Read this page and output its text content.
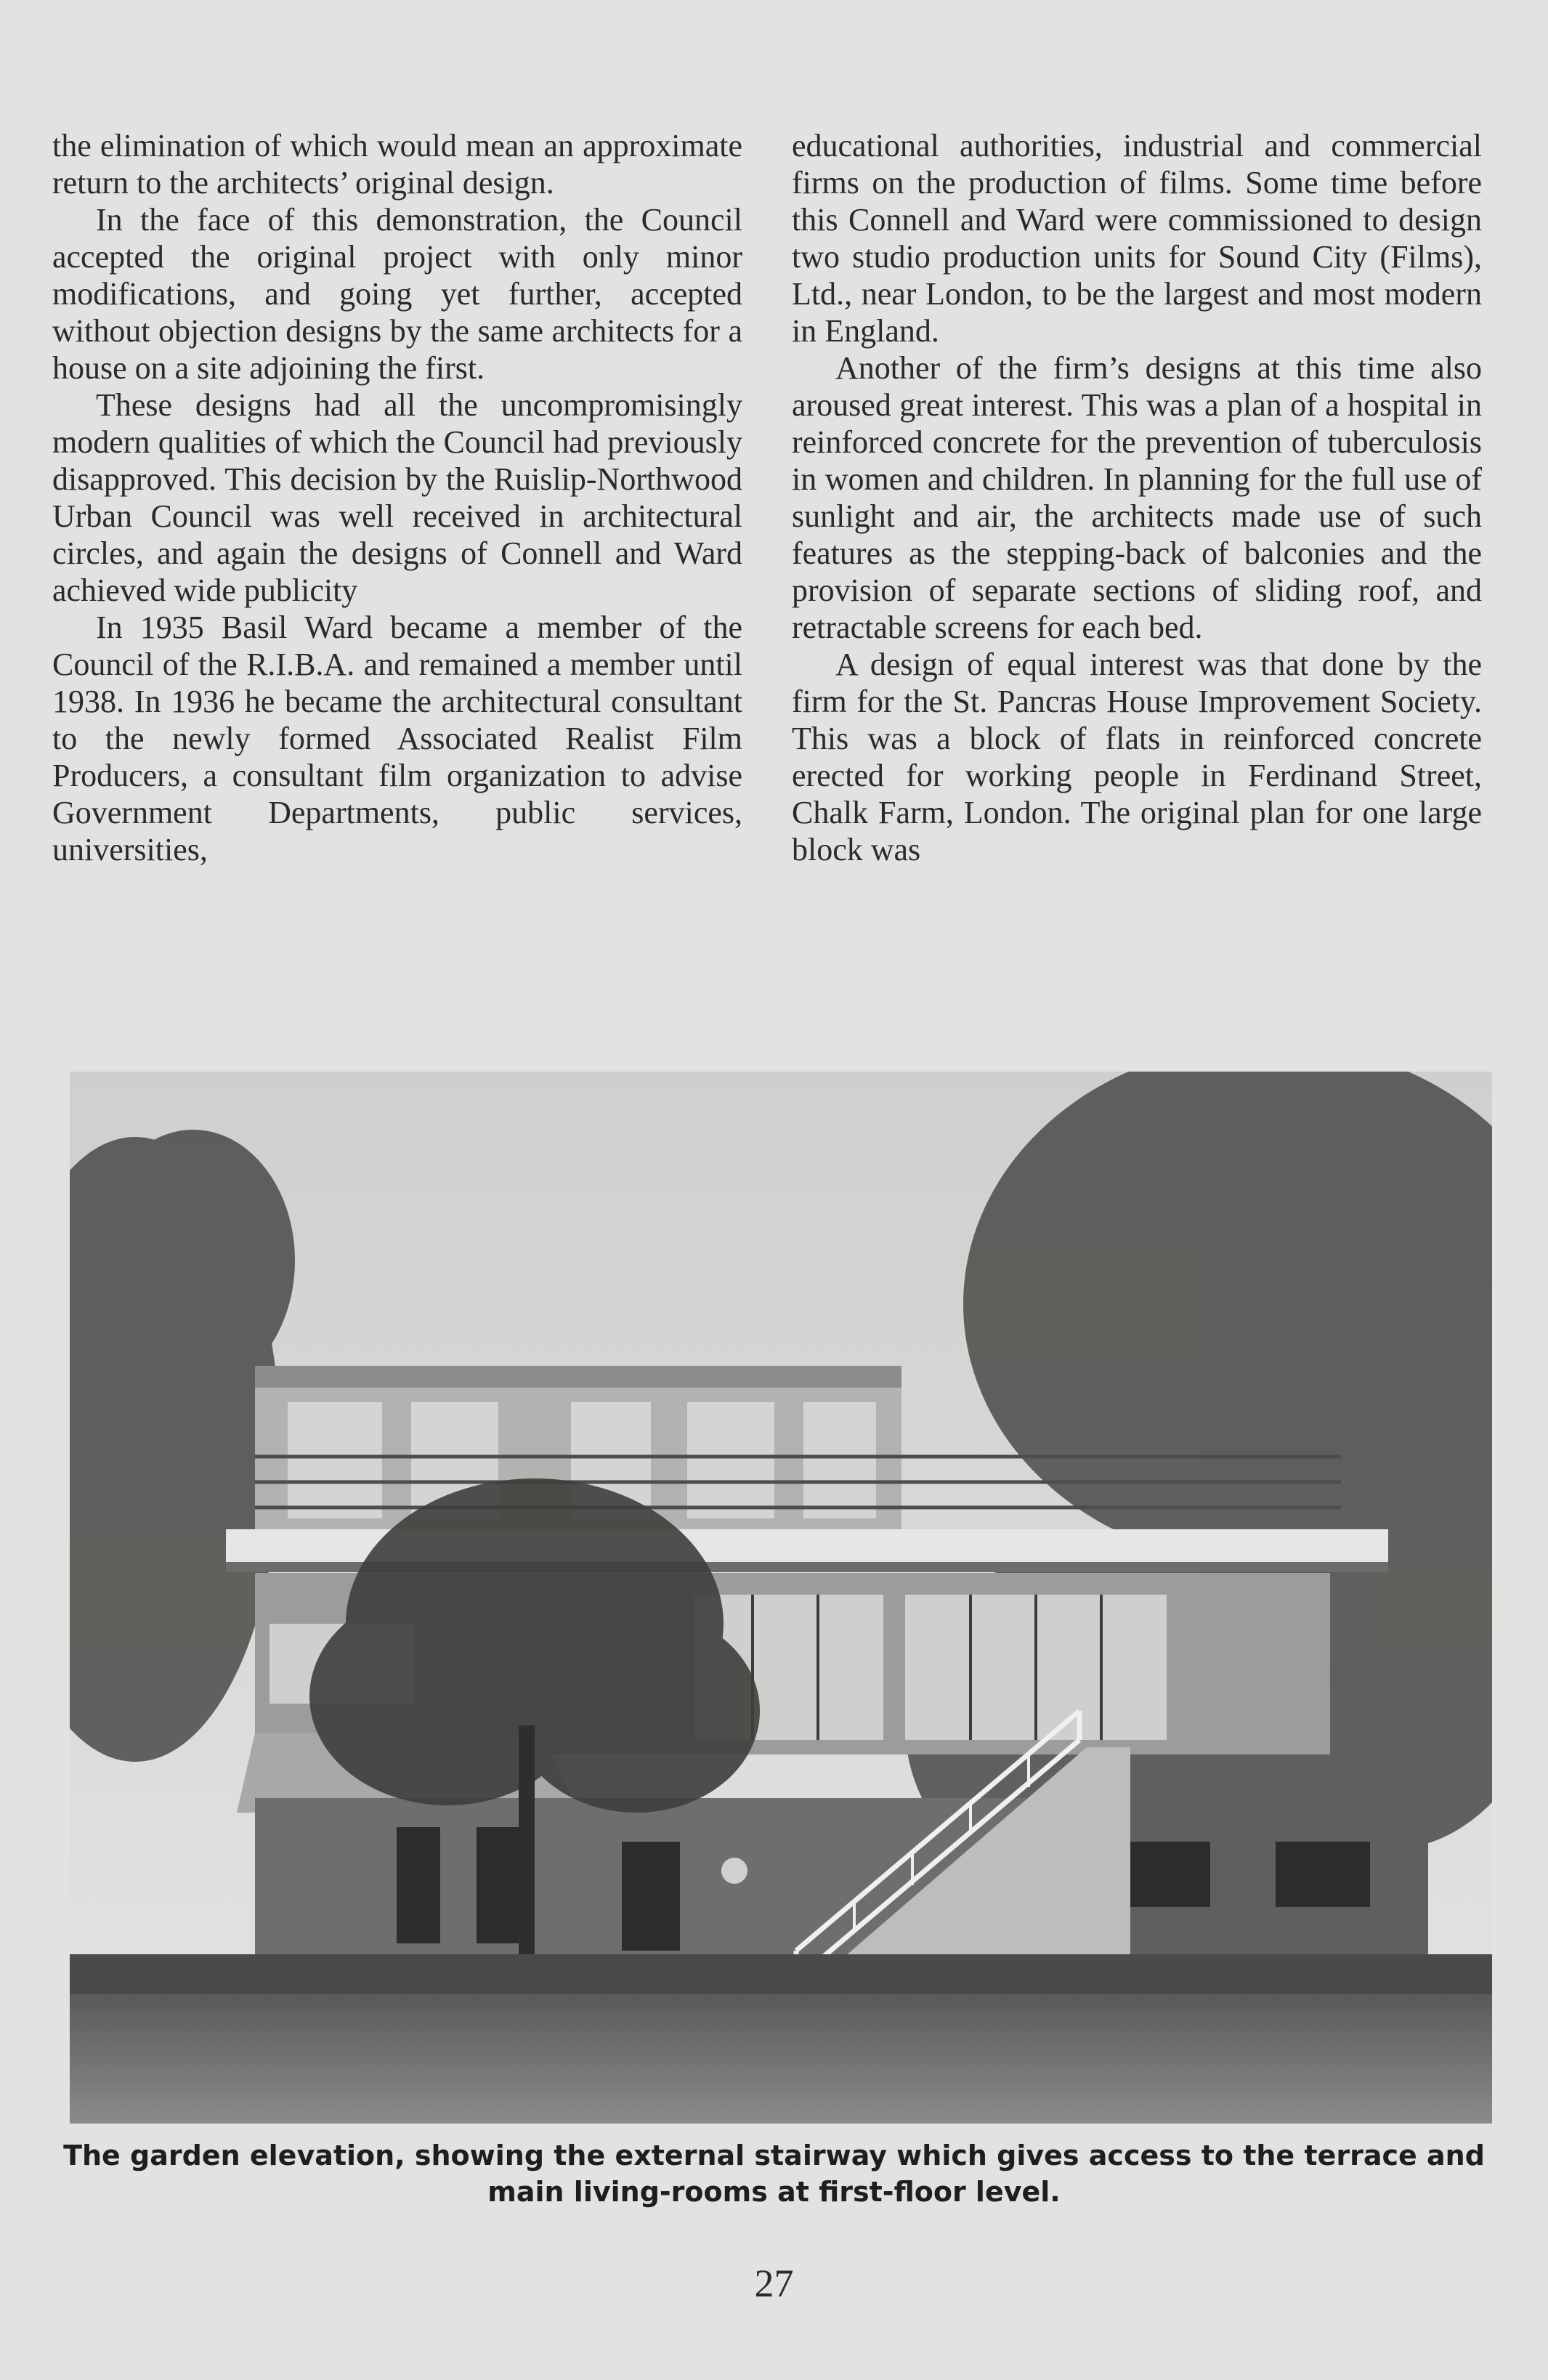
the elimination of which would mean an approximate return to the architects’ original design.

In the face of this demonstration, the Council accepted the original project with only minor modifications, and going yet further, accepted without objection designs by the same architects for a house on a site adjoining the first.

These designs had all the uncompromisingly modern qualities of which the Council had previously disapproved. This decision by the Ruislip-Northwood Urban Council was well received in architectural circles, and again the designs of Connell and Ward achieved wide publicity

In 1935 Basil Ward became a member of the Council of the R.I.B.A. and remained a member until 1938. In 1936 he became the architectural consultant to the newly formed Associated Realist Film Producers, a consultant film organization to advise Government Departments, public services, universities,

educational authorities, industrial and commercial firms on the production of films. Some time before this Connell and Ward were commissioned to design two studio production units for Sound City (Films), Ltd., near London, to be the largest and most modern in England.

Another of the firm’s designs at this time also aroused great interest. This was a plan of a hospital in reinforced concrete for the prevention of tuberculosis in women and children. In planning for the full use of sunlight and air, the architects made use of such features as the stepping-back of balconies and the provision of separate sections of sliding roof, and retractable screens for each bed.

A design of equal interest was that done by the firm for the St. Pancras House Improvement Society. This was a block of flats in reinforced concrete erected for working people in Ferdinand Street, Chalk Farm, London. The original plan for one large block was

The garden elevation, showing the external stairway which gives access to the terrace and main living-rooms at first-floor level.
27
